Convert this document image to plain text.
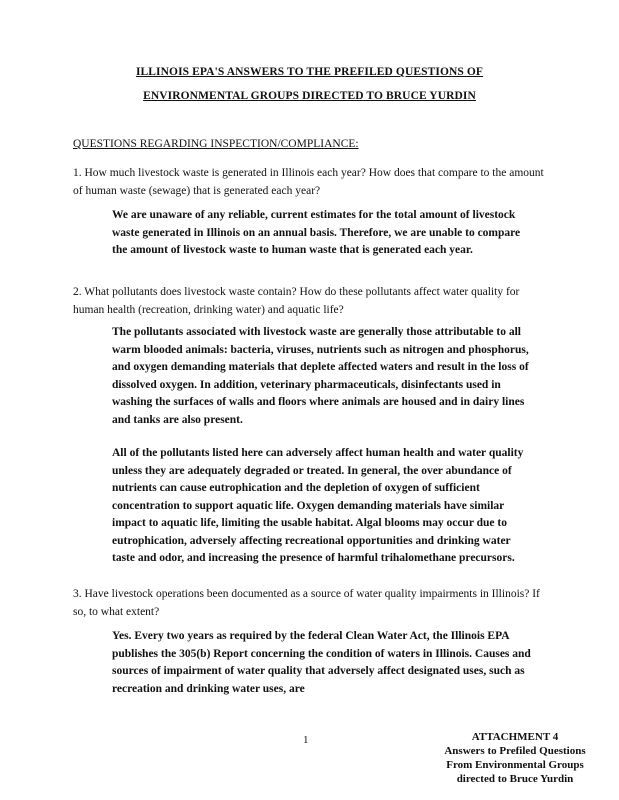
ILLINOIS EPA'S ANSWERS TO THE PREFILED QUESTIONS OF
ENVIRONMENTAL GROUPS DIRECTED TO BRUCE YURDIN
QUESTIONS REGARDING INSPECTION/COMPLIANCE:
1. How much livestock waste is generated in Illinois each year? How does that compare to the amount of human waste (sewage) that is generated each year?
We are unaware of any reliable, current estimates for the total amount of livestock waste generated in Illinois on an annual basis. Therefore, we are unable to compare the amount of livestock waste to human waste that is generated each year.
2. What pollutants does livestock waste contain? How do these pollutants affect water quality for human health (recreation, drinking water) and aquatic life?
The pollutants associated with livestock waste are generally those attributable to all warm blooded animals: bacteria, viruses, nutrients such as nitrogen and phosphorus, and oxygen demanding materials that deplete affected waters and result in the loss of dissolved oxygen. In addition, veterinary pharmaceuticals, disinfectants used in washing the surfaces of walls and floors where animals are housed and in dairy lines and tanks are also present.
All of the pollutants listed here can adversely affect human health and water quality unless they are adequately degraded or treated. In general, the over abundance of nutrients can cause eutrophication and the depletion of oxygen of sufficient concentration to support aquatic life. Oxygen demanding materials have similar impact to aquatic life, limiting the usable habitat. Algal blooms may occur due to eutrophication, adversely affecting recreational opportunities and drinking water taste and odor, and increasing the presence of harmful trihalomethane precursors.
3. Have livestock operations been documented as a source of water quality impairments in Illinois? If so, to what extent?
Yes. Every two years as required by the federal Clean Water Act, the Illinois EPA publishes the 305(b) Report concerning the condition of waters in Illinois. Causes and sources of impairment of water quality that adversely affect designated uses, such as recreation and drinking water uses, are
1	ATTACHMENT 4
Answers to Prefiled Questions
From Environmental Groups
directed to Bruce Yurdin
